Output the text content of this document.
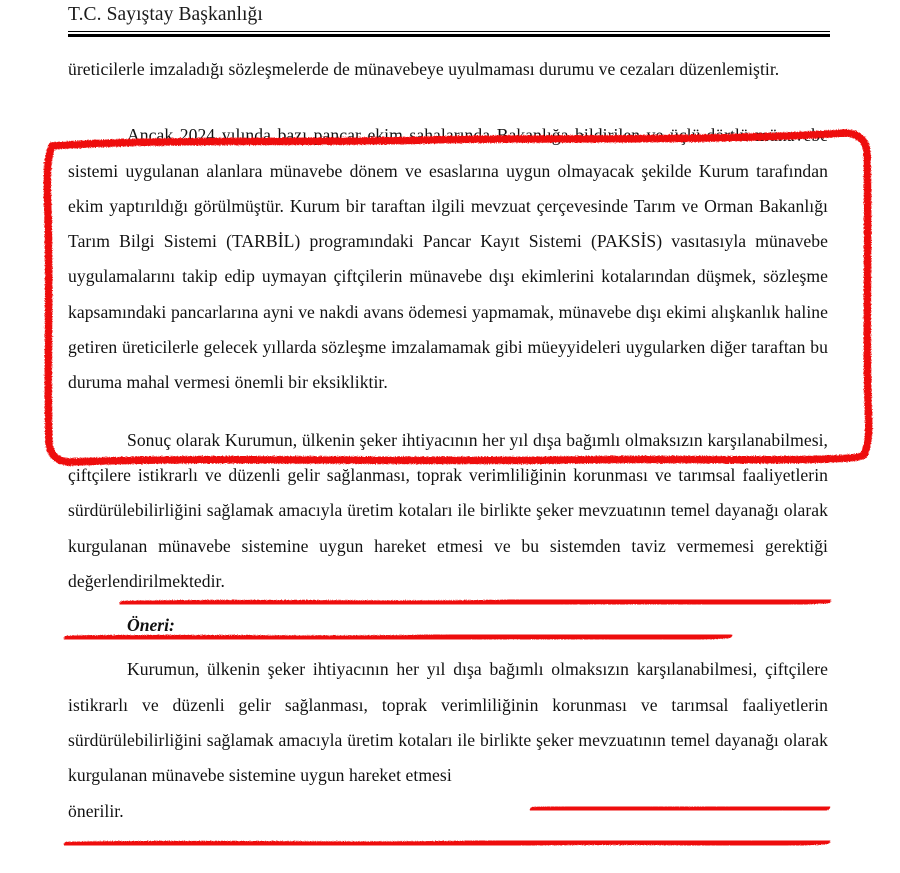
T.C. Sayıştay Başkanlığı

üreticilerle imzaladığı sözleşmelerde de münavebeye uyulmaması durumu ve cezaları düzenlemiştir.

Ancak 2024 yılında bazı pancar ekim sahalarında Bakanlığa bildirilen ve üçlü-dörtlü münavebe sistemi uygulanan alanlara münavebe dönem ve esaslarına uygun olmayacak şekilde Kurum tarafından ekim yaptırıldığı görülmüştür. Kurum bir taraftan ilgili mevzuat çerçevesinde Tarım ve Orman Bakanlığı Tarım Bilgi Sistemi (TARBİL) programındaki Pancar Kayıt Sistemi (PAKSİS) vasıtasıyla münavebe uygulamalarını takip edip uymayan çiftçilerin münavebe dışı ekimlerini kotalarından düşmek, sözleşme kapsamındaki pancarlarına ayni ve nakdi avans ödemesi yapmamak, münavebe dışı ekimi alışkanlık haline getiren üreticilerle gelecek yıllarda sözleşme imzalamamak gibi müeyyideleri uygularken diğer taraftan bu duruma mahal vermesi önemli bir eksikliktir.

Sonuç olarak Kurumun, ülkenin şeker ihtiyacının her yıl dışa bağımlı olmaksızın karşılanabilmesi, çiftçilere istikrarlı ve düzenli gelir sağlanması, toprak verimliliğinin korunması ve tarımsal faaliyetlerin sürdürülebilirliğini sağlamak amacıyla üretim kotaları ile birlikte şeker mevzuatının temel dayanağı olarak kurgulanan münavebe sistemine uygun hareket etmesi ve bu sistemden taviz vermemesi gerektiği değerlendirilmektedir.

Öneri:

Kurumun, ülkenin şeker ihtiyacının her yıl dışa bağımlı olmaksızın karşılanabilmesi, çiftçilere istikrarlı ve düzenli gelir sağlanması, toprak verimliliğinin korunması ve tarımsal faaliyetlerin sürdürülebilirliğini sağlamak amacıyla üretim kotaları ile birlikte şeker mevzuatının temel dayanağı olarak kurgulanan münavebe sistemine uygun hareket etmesi

önerilir.
